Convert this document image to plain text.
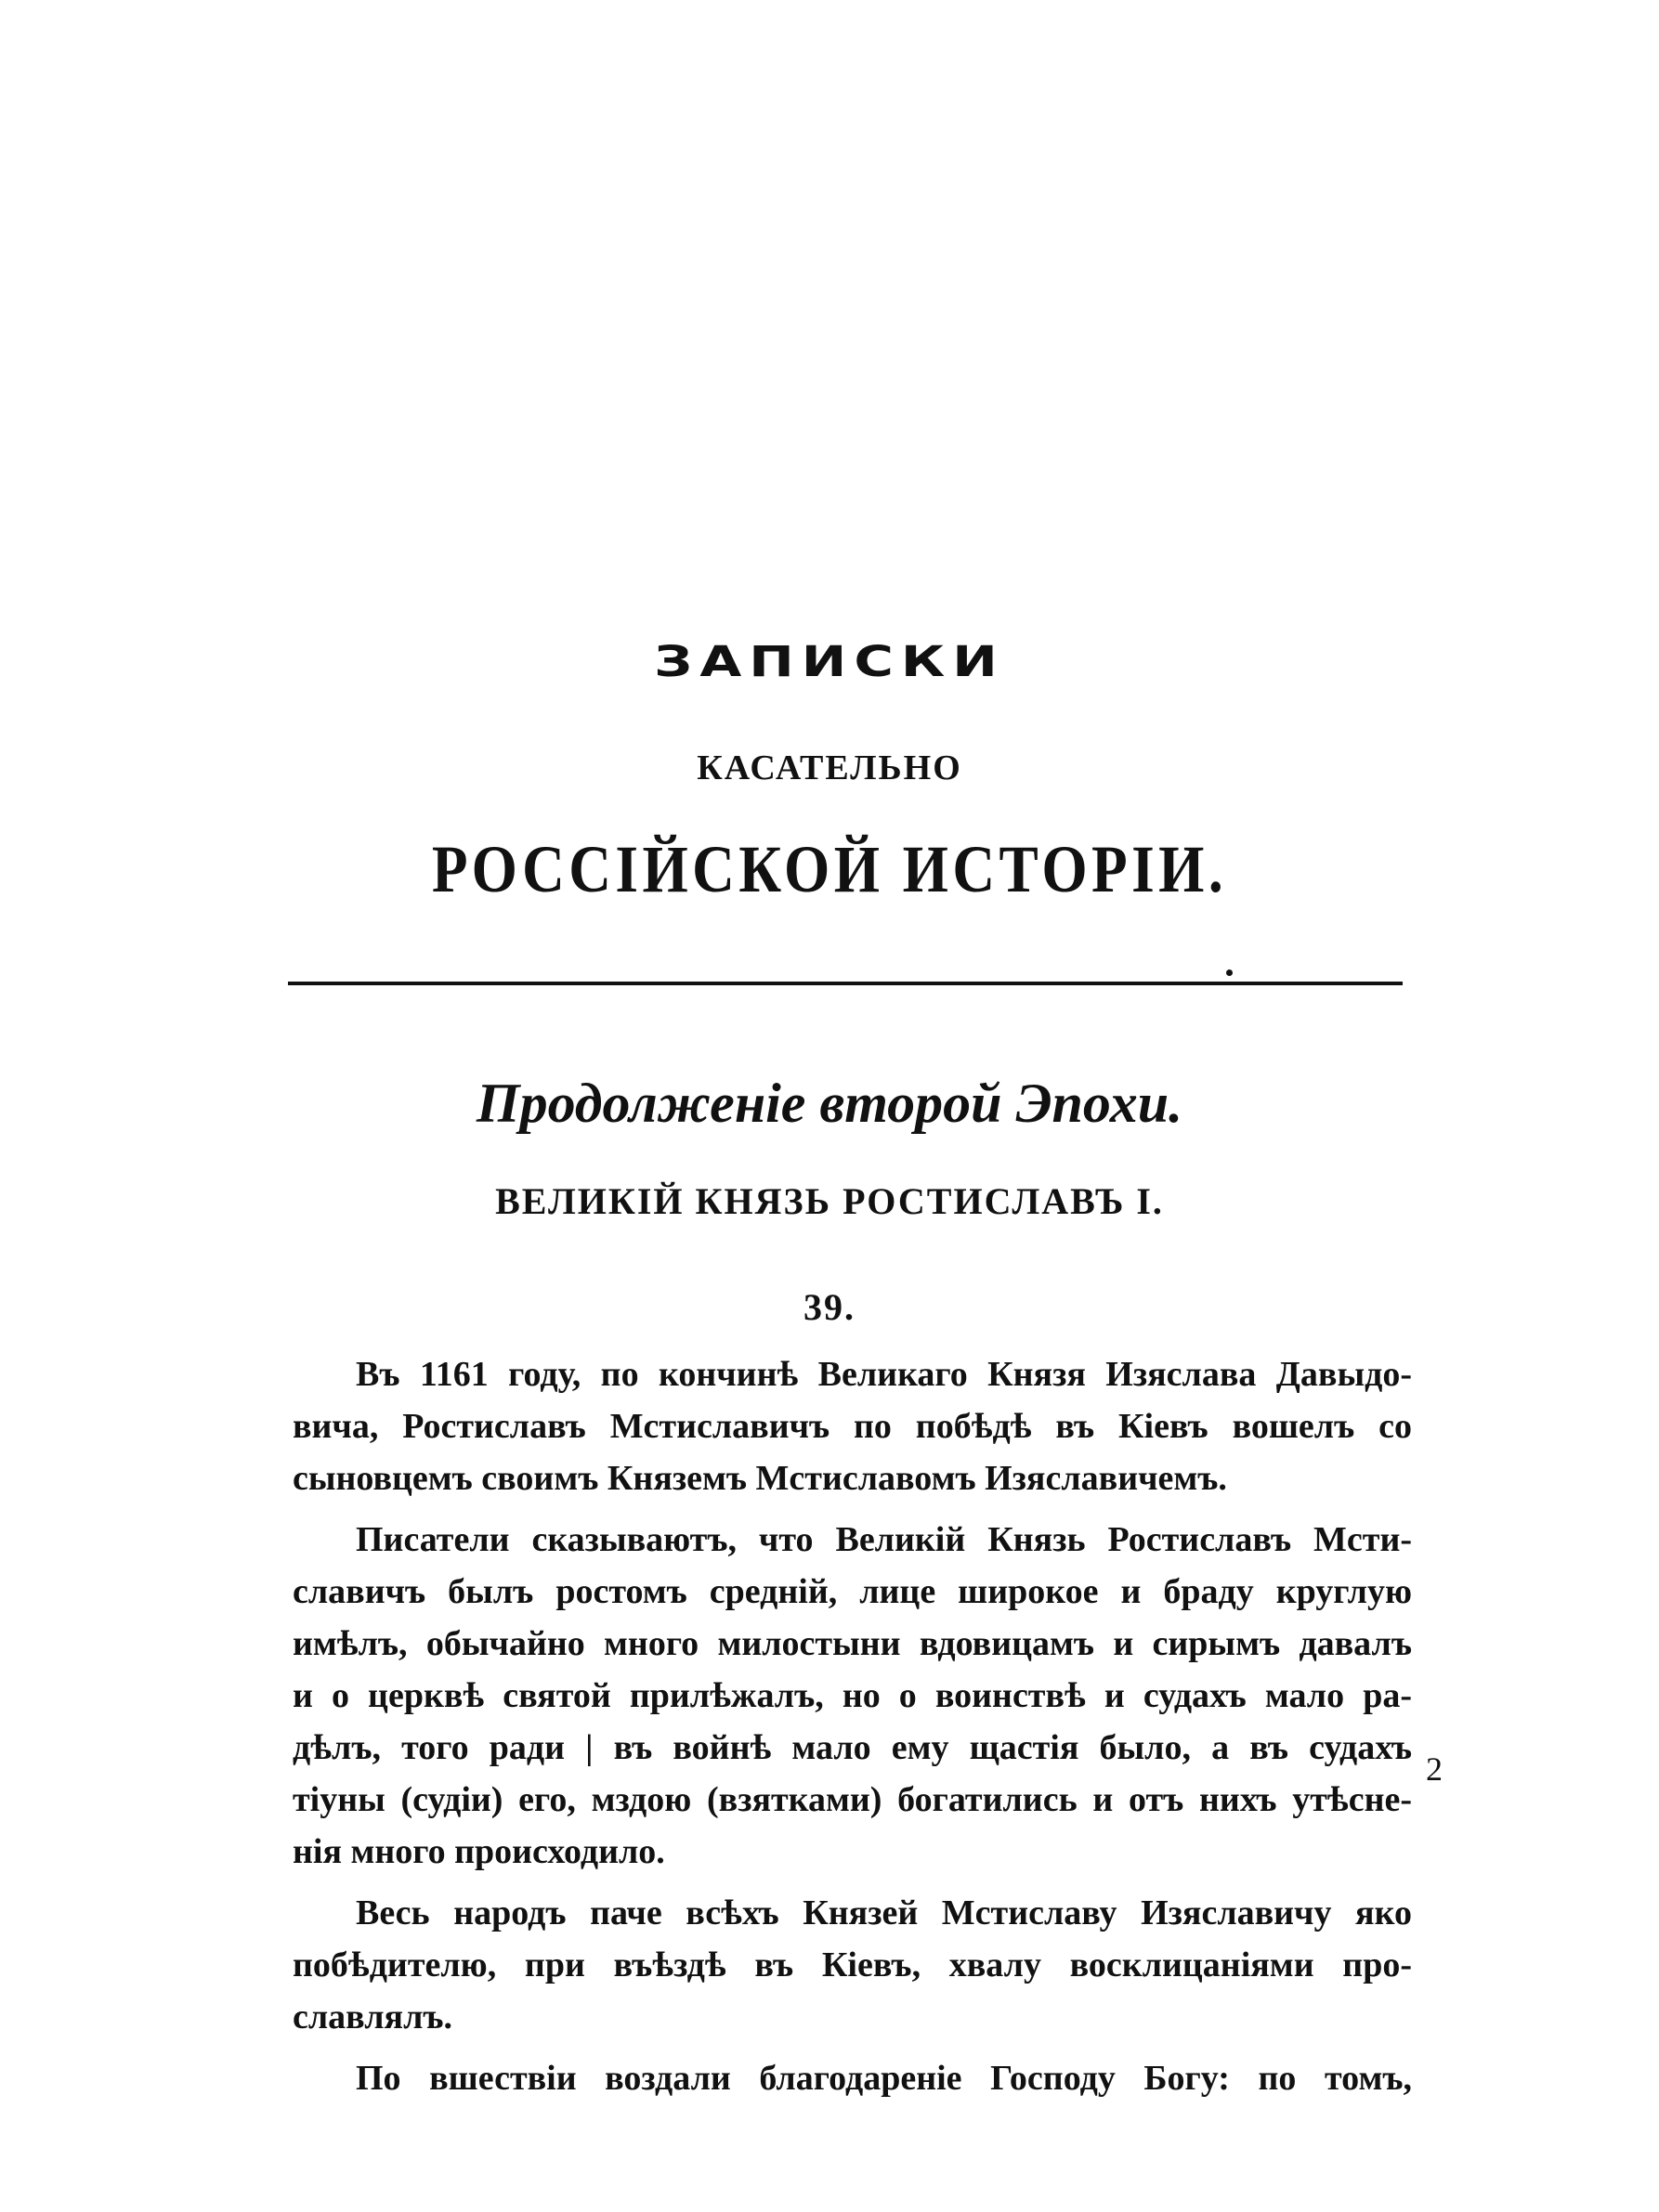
ЗАПИСКИ
КАСАТЕЛЬНО
РОССІЙСКОЙ ИСТОРІИ.
Продолженіе второй Эпохи.
ВЕЛИКІЙ КНЯЗЬ РОСТИСЛАВЪ I.
39.
Въ 1161 году, по кончинѣ Великаго Князя Изяслава Давыдо-
вича, Ростиславъ Мстиславичъ по побѣдѣ въ Кіевъ вошелъ со
сыновцемъ своимъ Княземъ Мстиславомъ Изяславичемъ.
Писатели сказываютъ, что Великій Князь Ростиславъ Мсти-
славичъ былъ ростомъ средній, лице широкое и браду круглую
имѣлъ, обычайно много милостыни вдовицамъ и сирымъ давалъ
и о церквѣ святой прилѣжалъ, но о воинствѣ и судахъ мало ра-
дѣлъ, того ради | въ войнѣ мало ему щастія было, а въ судахъ
тіуны (судіи) его, мздою (взятками) богатились и отъ нихъ утѣсне-
нія много происходило.
Весь народъ паче всѣхъ Князей Мстиславу Изяславичу яко
побѣдителю, при въѣздѣ въ Кіевъ, хвалу восклицаніями про-
славлялъ.
По вшествіи воздали благодареніе Господу Богу: по томъ,
2
